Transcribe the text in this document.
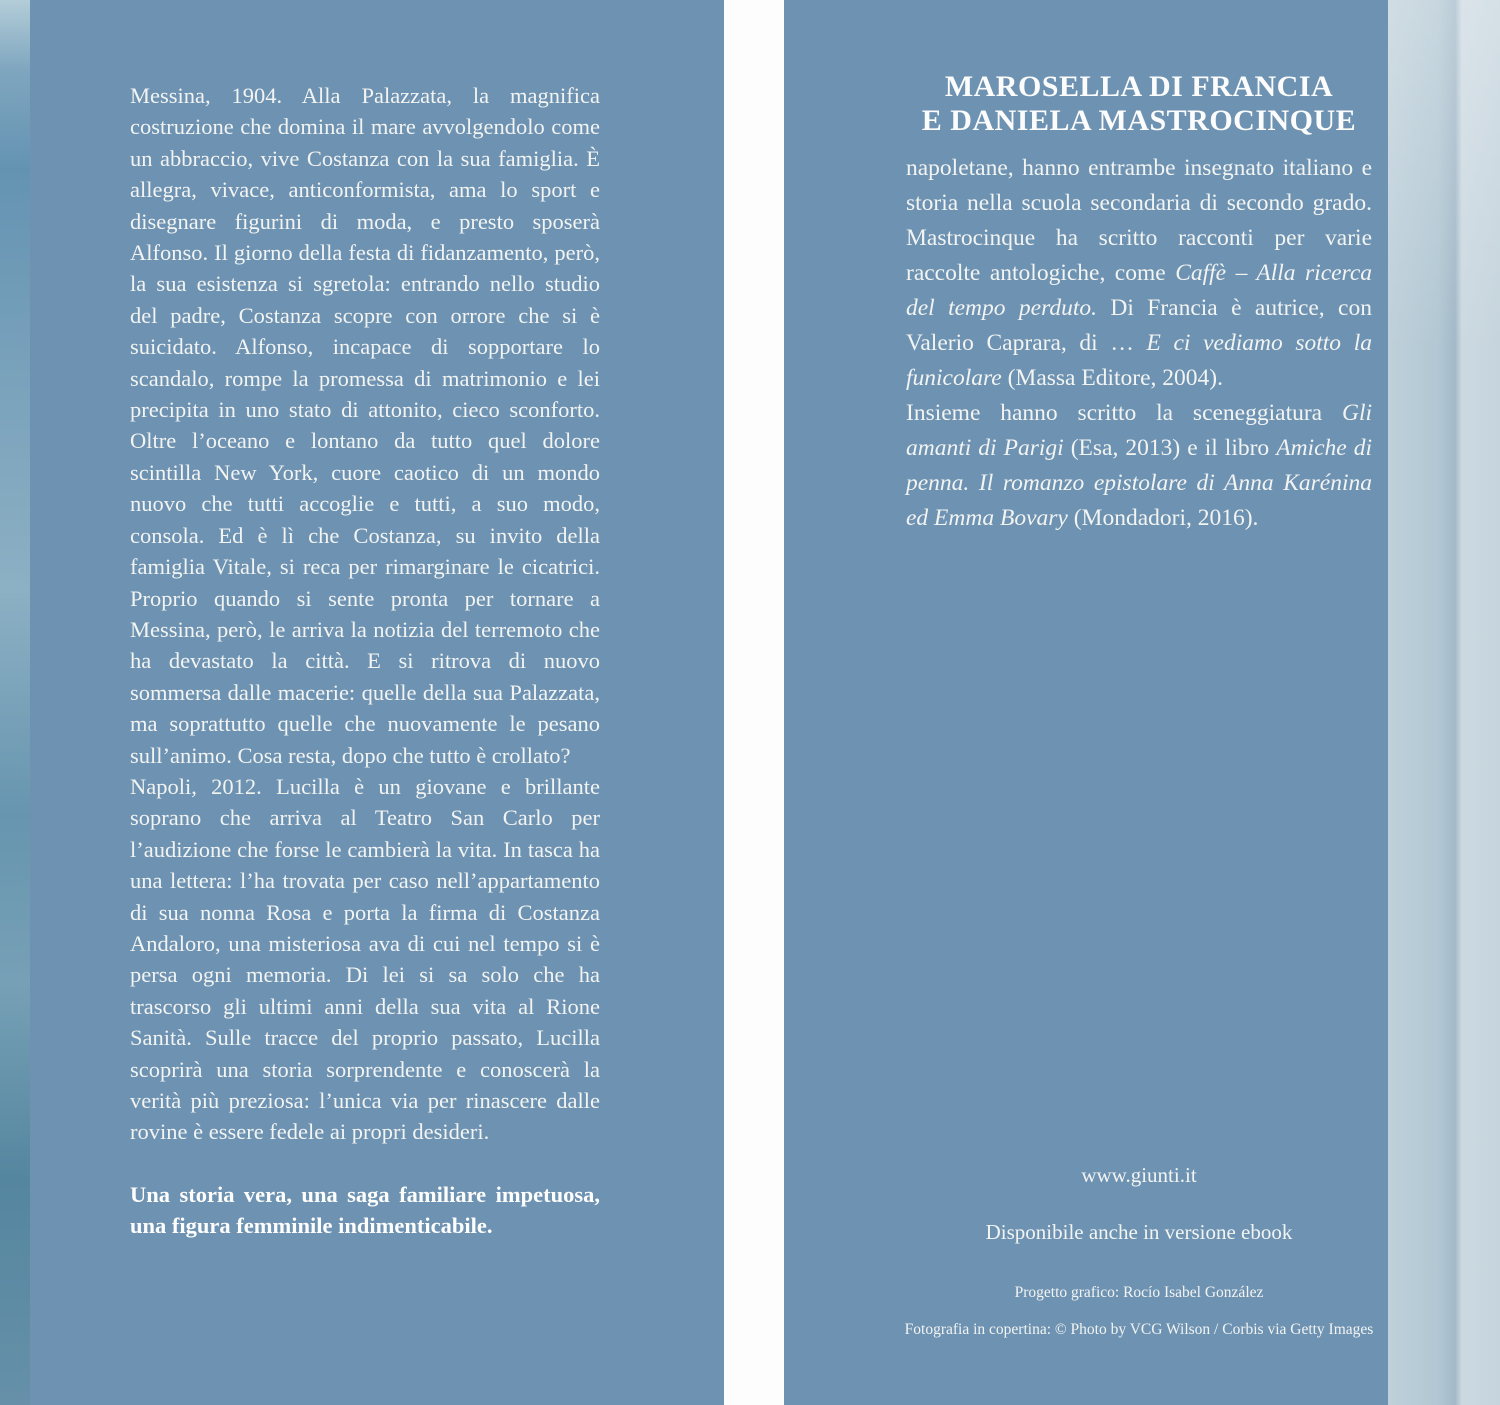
Messina, 1904. Alla Palazzata, la magnifica costruzione che domina il mare avvolgendolo come un abbraccio, vive Costanza con la sua famiglia. È allegra, vivace, anticonformista, ama lo sport e disegnare figurini di moda, e presto sposerà Alfonso. Il giorno della festa di fidanzamento, però, la sua esistenza si sgretola: entrando nello studio del padre, Costanza scopre con orrore che si è suicidato. Alfonso, incapace di sopportare lo scandalo, rompe la promessa di matrimonio e lei precipita in uno stato di attonito, cieco sconforto. Oltre l’oceano e lontano da tutto quel dolore scintilla New York, cuore caotico di un mondo nuovo che tutti accoglie e tutti, a suo modo, consola. Ed è lì che Costanza, su invito della famiglia Vitale, si reca per rimarginare le cicatrici. Proprio quando si sente pronta per tornare a Messina, però, le arriva la notizia del terremoto che ha devastato la città. E si ritrova di nuovo sommersa dalle macerie: quelle della sua Palazzata, ma soprattutto quelle che nuovamente le pesano sull’animo. Cosa resta, dopo che tutto è crollato?

Napoli, 2012. Lucilla è un giovane e brillante soprano che arriva al Teatro San Carlo per l’audizione che forse le cambierà la vita. In tasca ha una lettera: l’ha trovata per caso nell’appartamento di sua nonna Rosa e porta la firma di Costanza Andaloro, una misteriosa ava di cui nel tempo si è persa ogni memoria. Di lei si sa solo che ha trascorso gli ultimi anni della sua vita al Rione Sanità. Sulle tracce del proprio passato, Lucilla scoprirà una storia sorprendente e conoscerà la verità più preziosa: l’unica via per rinascere dalle rovine è essere fedele ai propri desideri.

Una storia vera, una saga familiare impetuosa, una figura femminile indimenticabile.

MAROSELLA DI FRANCIA
E DANIELA MASTROCINQUE

napoletane, hanno entrambe insegnato italiano e storia nella scuola secondaria di secondo grado. Mastrocinque ha scritto racconti per varie raccolte antologiche, come Caffè – Alla ricerca del tempo perduto. Di Francia è autrice, con Valerio Caprara, di … E ci vediamo sotto la funicolare (Massa Editore, 2004).

Insieme hanno scritto la sceneggiatura Gli amanti di Parigi (Esa, 2013) e il libro Amiche di penna. Il romanzo epistolare di Anna Karénina ed Emma Bovary (Mondadori, 2016).

www.giunti.it
Disponibile anche in versione ebook
Progetto grafico: Rocío Isabel González
Fotografia in copertina: © Photo by VCG Wilson / Corbis via Getty Images
